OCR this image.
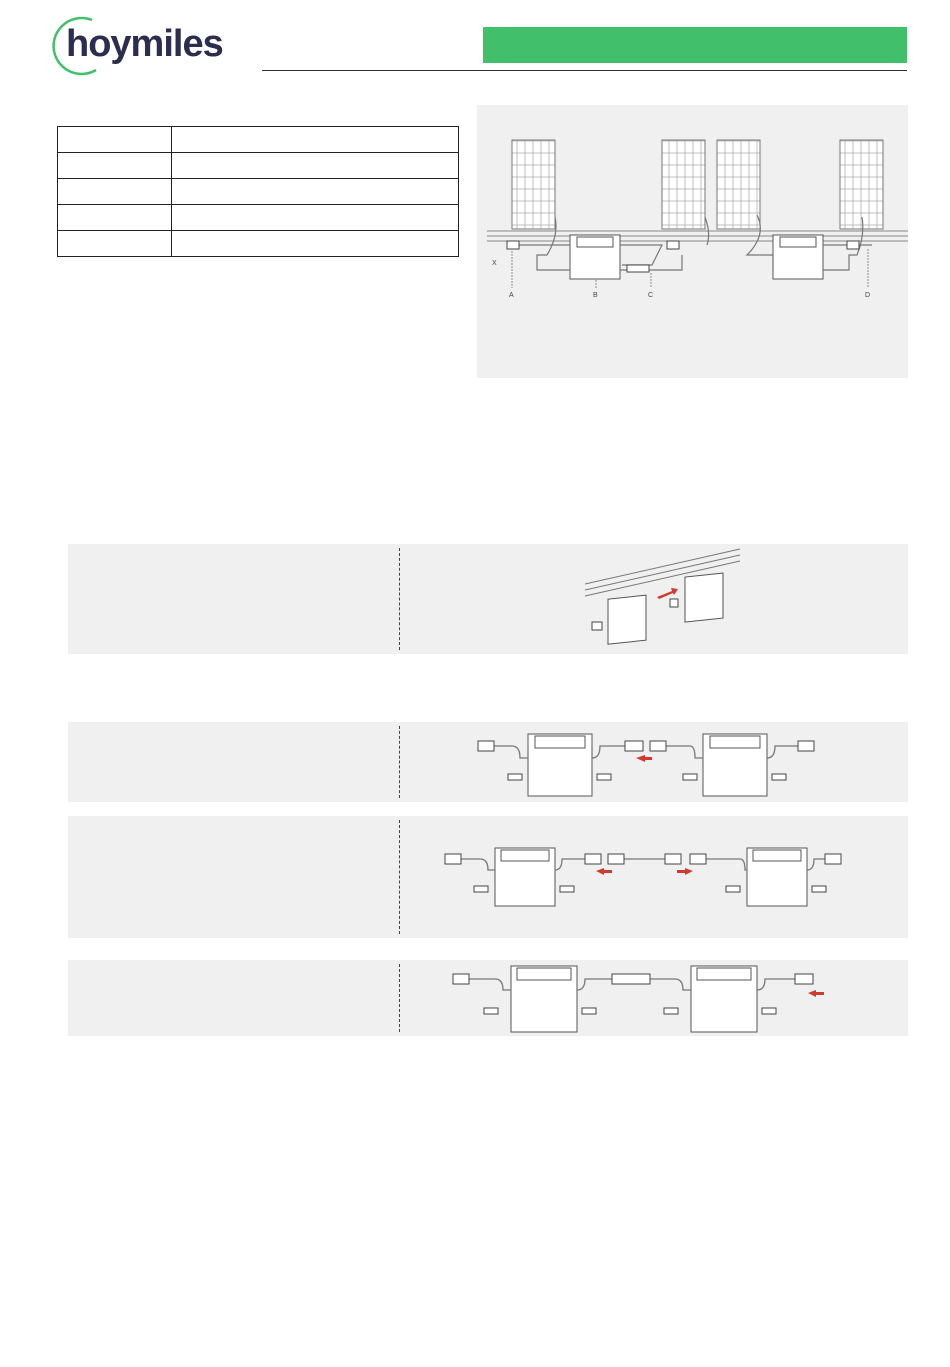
hoymiles

X
A	B	C	D
